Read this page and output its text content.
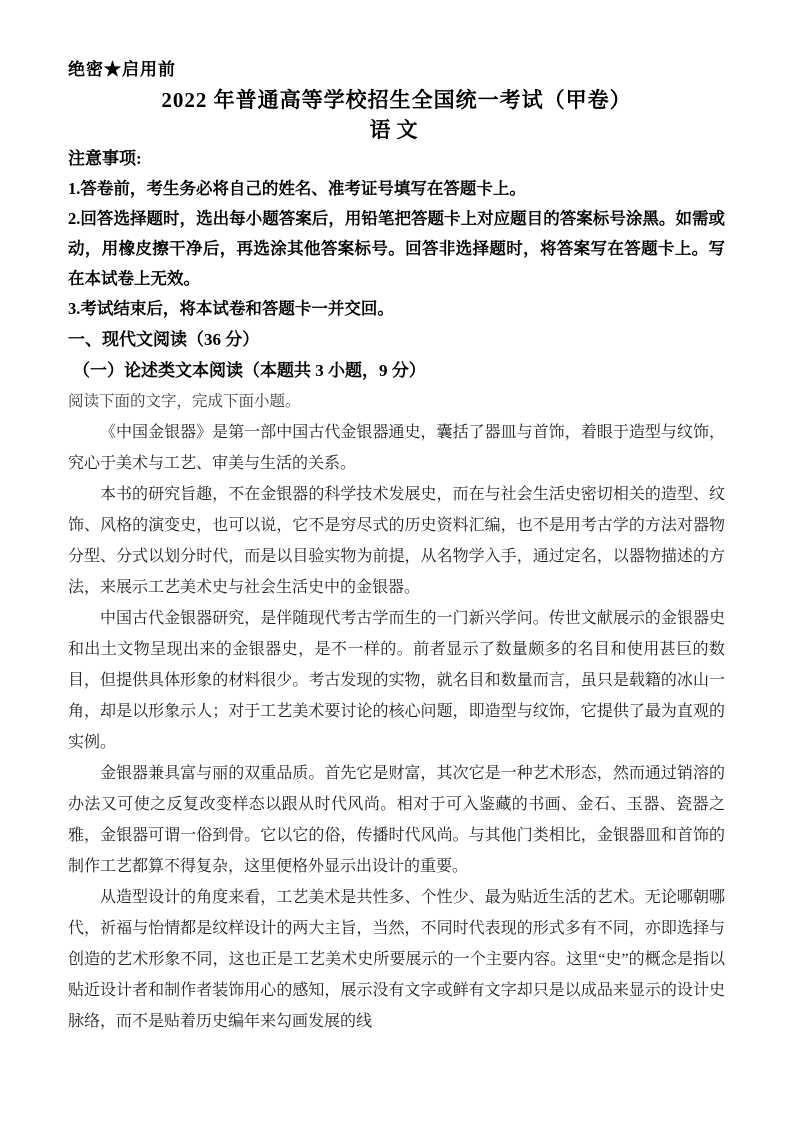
绝密★启用前

2022 年普通高等学校招生全国统一考试（甲卷）

语文

注意事项:

1.答卷前，考生务必将自己的姓名、准考证号填写在答题卡上。

2.回答选择题时，选出每小题答案后，用铅笔把答题卡上对应题目的答案标号涂黑。如需或动，用橡皮擦干净后，再选涂其他答案标号。回答非选择题时，将答案写在答题卡上。写在本试卷上无效。

3.考试结束后，将本试卷和答题卡一并交回。

一、现代文阅读（36 分）

（一）论述类文本阅读（本题共 3 小题，9 分）

阅读下面的文字，完成下面小题。

《中国金银器》是第一部中国古代金银器通史，囊括了器皿与首饰，着眼于造型与纹饰，究心于美术与工艺、审美与生活的关系。

本书的研究旨趣，不在金银器的科学技术发展史，而在与社会生活史密切相关的造型、纹饰、风格的演变史，也可以说，它不是穷尽式的历史资料汇编，也不是用考古学的方法对器物分型、分式以划分时代，而是以目验实物为前提，从名物学入手，通过定名，以器物描述的方法，来展示工艺美术史与社会生活史中的金银器。

中国古代金银器研究，是伴随现代考古学而生的一门新兴学问。传世文献展示的金银器史和出土文物呈现出来的金银器史，是不一样的。前者显示了数量颇多的名目和使用甚巨的数目，但提供具体形象的材料很少。考古发现的实物，就名目和数量而言，虽只是载籍的冰山一角，却是以形象示人；对于工艺美术要讨论的核心问题，即造型与纹饰，它提供了最为直观的实例。

金银器兼具富与丽的双重品质。首先它是财富，其次它是一种艺术形态，然而通过销溶的办法又可使之反复改变样态以跟从时代风尚。相对于可入鉴藏的书画、金石、玉器、瓷器之雅，金银器可谓一俗到骨。它以它的俗，传播时代风尚。与其他门类相比，金银器皿和首饰的制作工艺都算不得复杂，这里便格外显示出设计的重要。

从造型设计的角度来看，工艺美术是共性多、个性少、最为贴近生活的艺术。无论哪朝哪代，祈福与怡情都是纹样设计的两大主旨，当然，不同时代表现的形式多有不同，亦即选择与创造的艺术形象不同，这也正是工艺美术史所要展示的一个主要内容。这里“史”的概念是指以贴近设计者和制作者装饰用心的感知，展示没有文字或鲜有文字却只是以成品来显示的设计史脉络，而不是贴着历史编年来勾画发展的线
